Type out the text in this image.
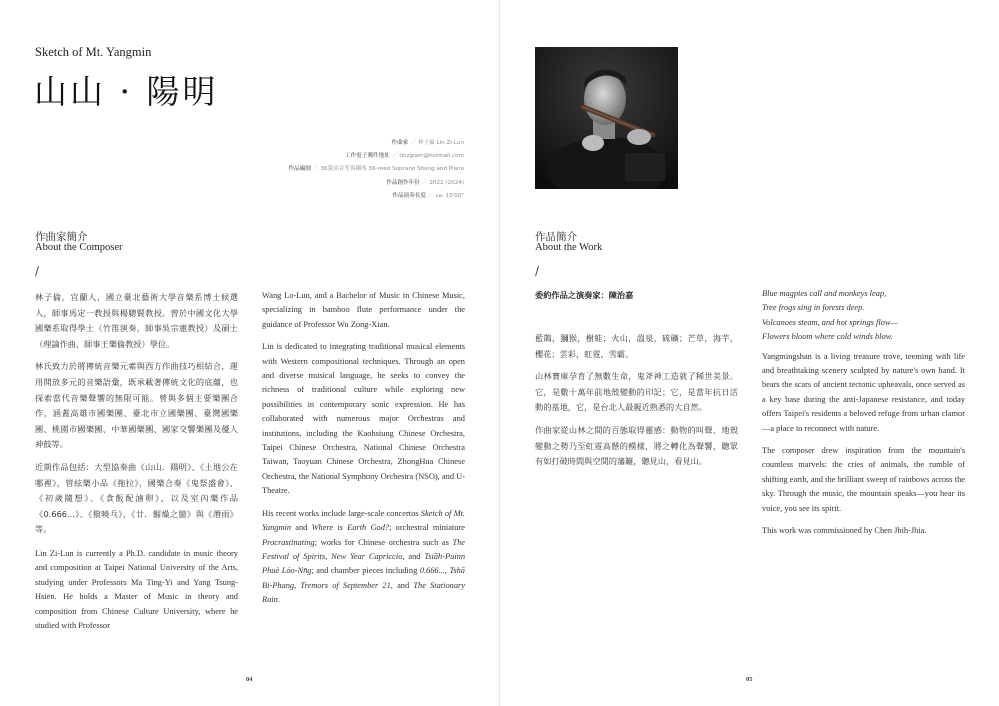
Sketch of Mt. Yangmin
山山 · 陽明
作曲家 ／ 林子倫 Lin Zi-Lun
工作電子郵件地址 ／ tinzjpam@hotmail.com
作品編制 ／ 36簧高音笙與鋼琴 36-reed Soprano Sheng and Piano
作品創作年份 ／ 2022 (2024)
作品演奏長度 ／ ca. 15'00"
作曲家簡介
About the Composer
/

林子倫，宜蘭人，國立臺北藝術大學音樂系博士候選人，師事馬定一教授與楊聰賢教授。曾於中國文化大學國樂系取得學士（竹笛演奏，師事吳宗憲教授）及碩士（理論作曲，師事王樂倫教授）學位。

林氏致力於將傳統音樂元素與西方作曲技巧相結合，運用開放多元的音樂語彙，既承載著傳統文化的底蘊，也探索當代音樂聲響的無限可能。曾與多個主要樂團合作，涵蓋高雄市國樂團、臺北市立國樂團、臺灣國樂團、桃園市國樂團、中華國樂團、國家交響樂團及優人神鼓等。

近期作品包括：大型協奏曲《山山．陽明》、《土地公在哪裡》，管絃樂小品《拖拉》，國樂合奏《鬼祭盛會》、《初歲隨想》、《食飯配滷卵》，以及室內樂作品《0.666...》、《撥曉乓》、《廿．餾燥之臆》與《潛雨》等。

Lin Zi-Lun is currently a Ph.D. candidate in music theory and composition at Taipei National University of the Arts, studying under Professors Ma Ting-Yi and Yang Tsung-Hsien. He holds a Master of Music in theory and composition from Chinese Culture University, where he studied with Professor

Wang Lo-Lun, and a Bachelor of Music in Chinese Music, specializing in bamboo flute performance under the guidance of Professor Wu Zong-Xian.

Lin is dedicated to integrating traditional musical elements with Western compositional techniques. Through an open and diverse musical language, he seeks to convey the richness of traditional culture while exploring new possibilities in contemporary sonic expression. He has collaborated with numerous major Orchestras and institutions, including the Kaohsiung Chinese Orchestra, Taipei Chinese Orchestra, National Chinese Orchestra Taiwan, Taoyuan Chinese Orchestra, ZhongHua Chinese Orchestra, the National Symphony Orchestra (NSO), and U-Theatre.

His recent works include large-scale concertos Sketch of Mt. Yangmin and Where is Earth God?; orchestral miniature Procrastinating; works for Chinese orchestra such as The Festival of Spirits, New Year Capriccio, and Tsiăh-Puinn Phuè Lóo-Nn̄g; and chamber pieces including 0.666..., Tshā Bi-Phang, Tremors of September 21, and The Stationary Rain.

04
作品簡介
About the Work
/

委約作品之演奏家：陳治嘉

藍鵲，獼猴，樹蛙；火山，溫泉，硫礦；芒草，海芋，櫻花；雲彩，虹霓，雪霸。

山林寶庫孕育了無數生命，鬼斧神工造就了稀世美景。它，是數十萬年前地殼變動的印記；它，是當年抗日活動的基地，它，是台北人最親近熟悉的大自然。

作曲家從山林之間的百態取得靈感：動物的叫聲、地殼變動之勢乃至虹霓高懸的模樣，將之轉化為聲響，聽眾有如打破時間與空間的藩籬，聽見山，看見山。

Blue magpies call and monkeys leap,
Tree frogs sing in forests deep.
Volcanoes steam, and hot springs flow—
Flowers bloom where cold winds blow.

Yangmingshan is a living treasure trove, teeming with life and breathtaking scenery sculpted by nature's own hand. It bears the scars of ancient tectonic upheavals, once served as a key base during the anti-Japanese resistance, and today offers Taipei's residents a beloved refuge from urban clamor—a place to reconnect with nature.

The composer drew inspiration from the mountain's countless marvels: the cries of animals, the rumble of shifting earth, and the brilliant sweep of rainbows across the sky. Through the music, the mountain speaks—you hear its voice, you see its spirit.

This work was commissioned by Chen Jhih-Jhia.

05
